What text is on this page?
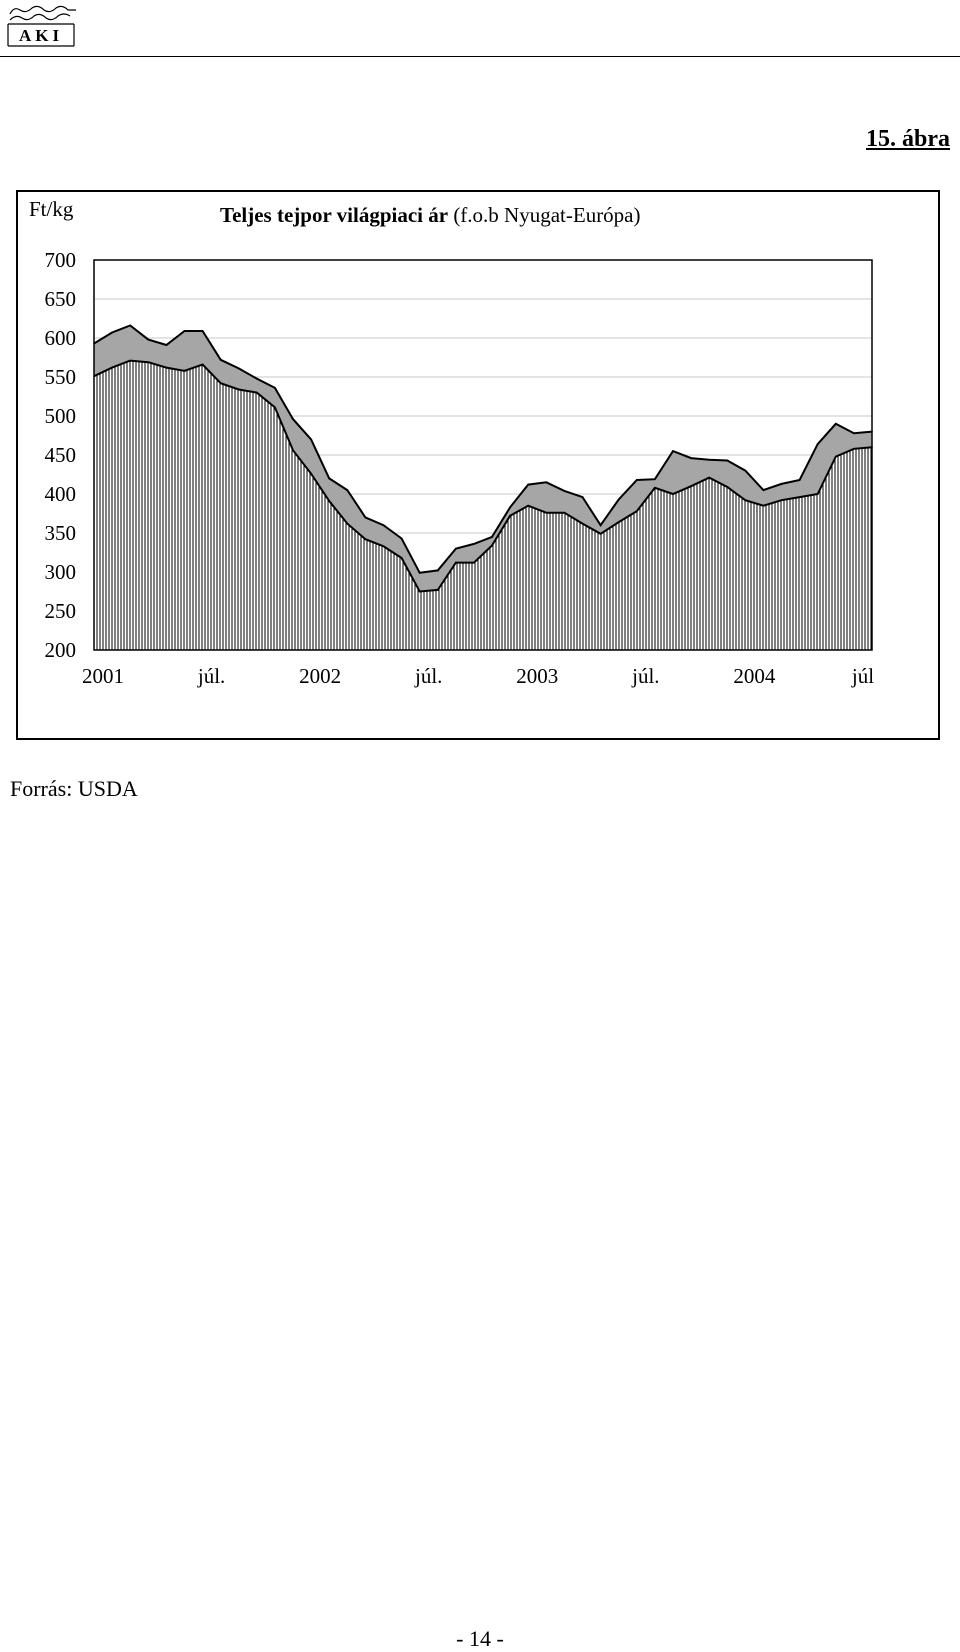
AKI
15. ábra
Ft/kg	Teljes tejpor világpiaci ár (f.o.b Nyugat-Európa)
700
650
600
550
500
450
400
350
300
250
200
2001	júl.	2002	júl.	2003	júl.	2004	júl
Forrás: USDA
- 14 -
